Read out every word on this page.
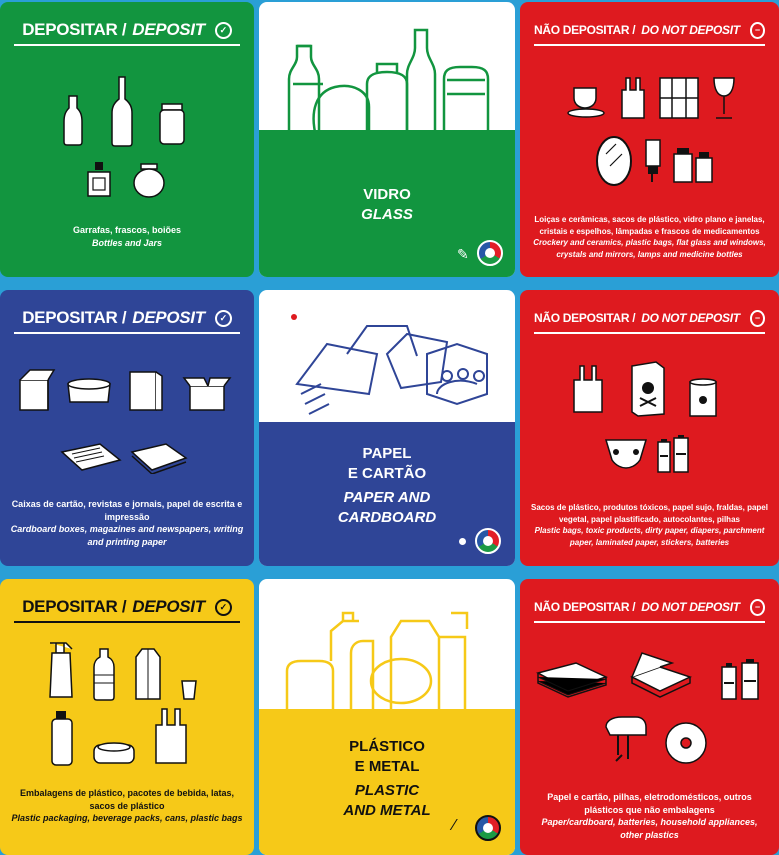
DEPOSITAR / DEPOSIT	✓
Garrafas, frascos, boiões
Bottles and Jars
VIDRO
GLASS
✎
NÃO DEPOSITAR / DO NOT DEPOSIT	−
Loiças e cerâmicas, sacos de plástico, vidro plano e janelas, cristais e espelhos, lâmpadas e frascos de medicamentos
Crockery and ceramics, plastic bags, flat glass and windows, crystals and mirrors, lamps and medicine bottles
DEPOSITAR / DEPOSIT	✓
Caixas de cartão, revistas e jornais, papel de escrita e impressão
Cardboard boxes, magazines and newspapers, writing and printing paper
PAPEL
E CARTÃO
PAPER AND
CARDBOARD
NÃO DEPOSITAR / DO NOT DEPOSIT	−
Sacos de plástico, produtos tóxicos, papel sujo, fraldas, papel vegetal, papel plastificado, autocolantes, pilhas
Plastic bags, toxic products, dirty paper, diapers, parchment paper, laminated paper, stickers, batteries
DEPOSITAR / DEPOSIT	✓
Embalagens de plástico, pacotes de bebida, latas, sacos de plástico
Plastic packaging, beverage packs, cans, plastic bags
PLÁSTICO
E METAL
PLASTIC
AND METAL
⁄
NÃO DEPOSITAR / DO NOT DEPOSIT	−
Papel e cartão, pilhas, eletrodomésticos, outros plásticos que não embalagens
Paper/cardboard, batteries, household appliances, other plastics
